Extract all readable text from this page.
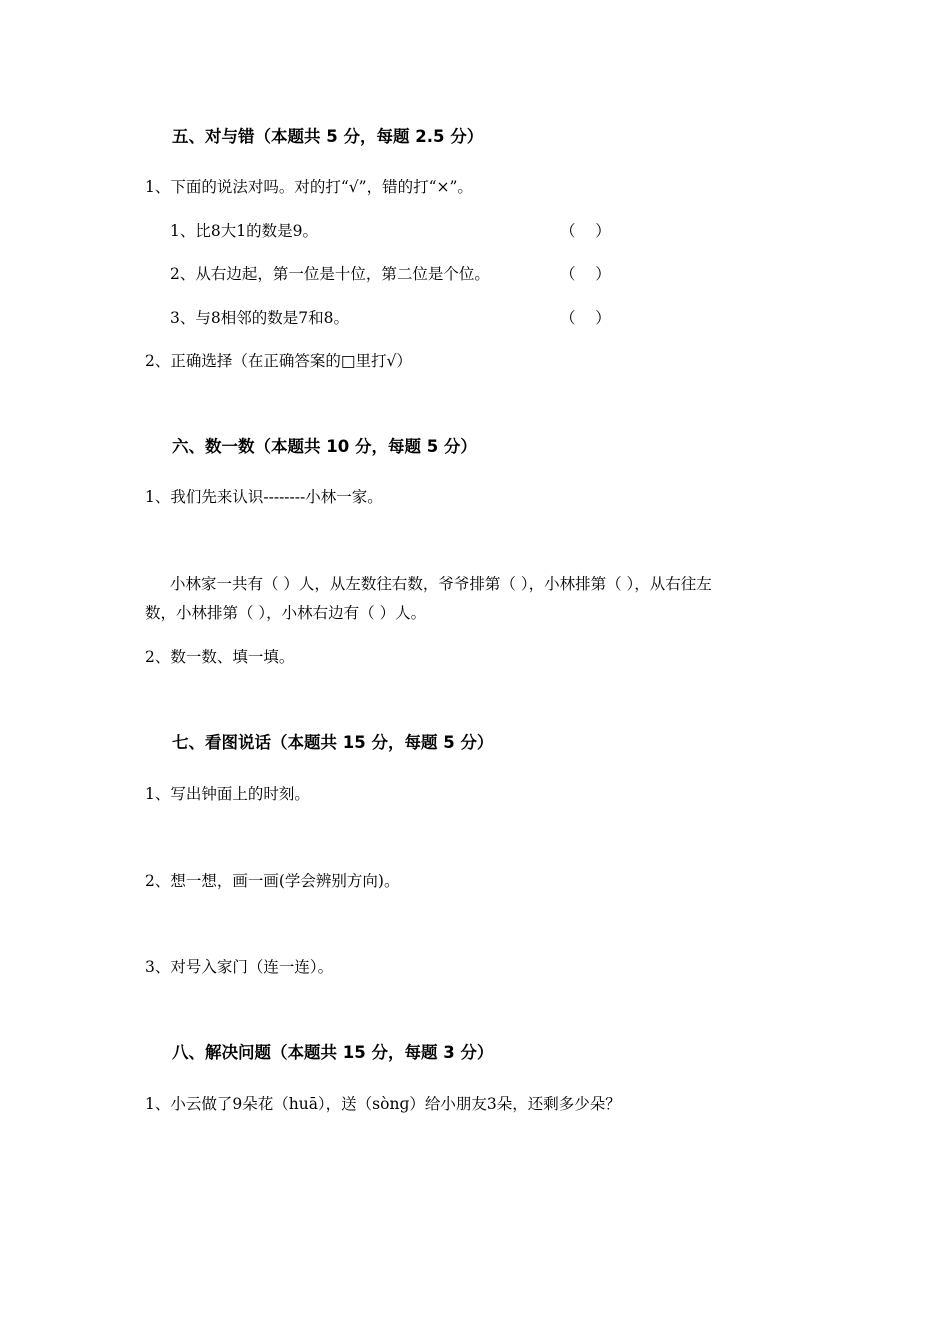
五、对与错（本题共 5 分，每题 2.5 分）
1、下面的说法对吗。对的打“√”，错的打“×”。
1、比8大1的数是9。	（    ）
2、从右边起，第一位是十位，第二位是个位。	（    ）
3、与8相邻的数是7和8。	（    ）
2、正确选择（在正确答案的□里打√）
六、数一数（本题共 10 分，每题 5 分）
1、我们先来认识--------小林一家。
小林家一共有（ ）人，从左数往右数，爷爷排第（ ），小林排第（ ），从右往左
数，小林排第（ ），小林右边有（ ）人。
2、数一数、填一填。
七、看图说话（本题共 15 分，每题 5 分）
1、写出钟面上的时刻。
2、想一想，画一画(学会辨别方向)。
3、对号入家门（连一连）。
八、解决问题（本题共 15 分，每题 3 分）
1、小云做了9朵花（huā），送（sònɡ）给小朋友3朵，还剩多少朵？
